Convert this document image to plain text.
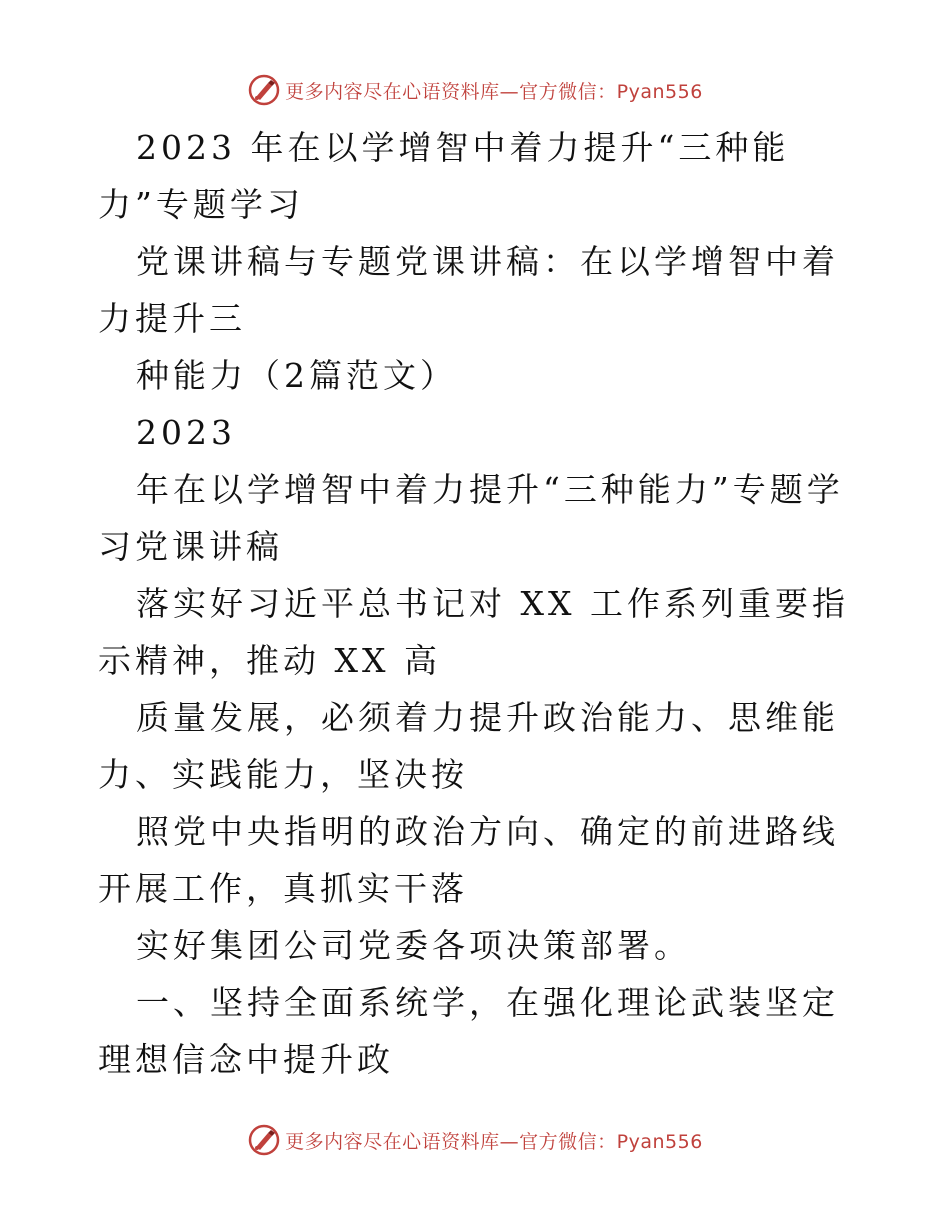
更多内容尽在心语资料库—官方微信：Pyan556

2023 年在以学增智中着力提升“三种能力”专题学习

党课讲稿与专题党课讲稿：在以学增智中着力提升三

种能力（2篇范文）

2023

年在以学增智中着力提升“三种能力”专题学习党课讲稿

落实好习近平总书记对 XX 工作系列重要指示精神，推动 XX 高

质量发展，必须着力提升政治能力、思维能力、实践能力，坚决按

照党中央指明的政治方向、确定的前进路线开展工作，真抓实干落

实好集团公司党委各项决策部署。

一、坚持全面系统学，在强化理论武装坚定理想信念中提升政

更多内容尽在心语资料库—官方微信：Pyan556
